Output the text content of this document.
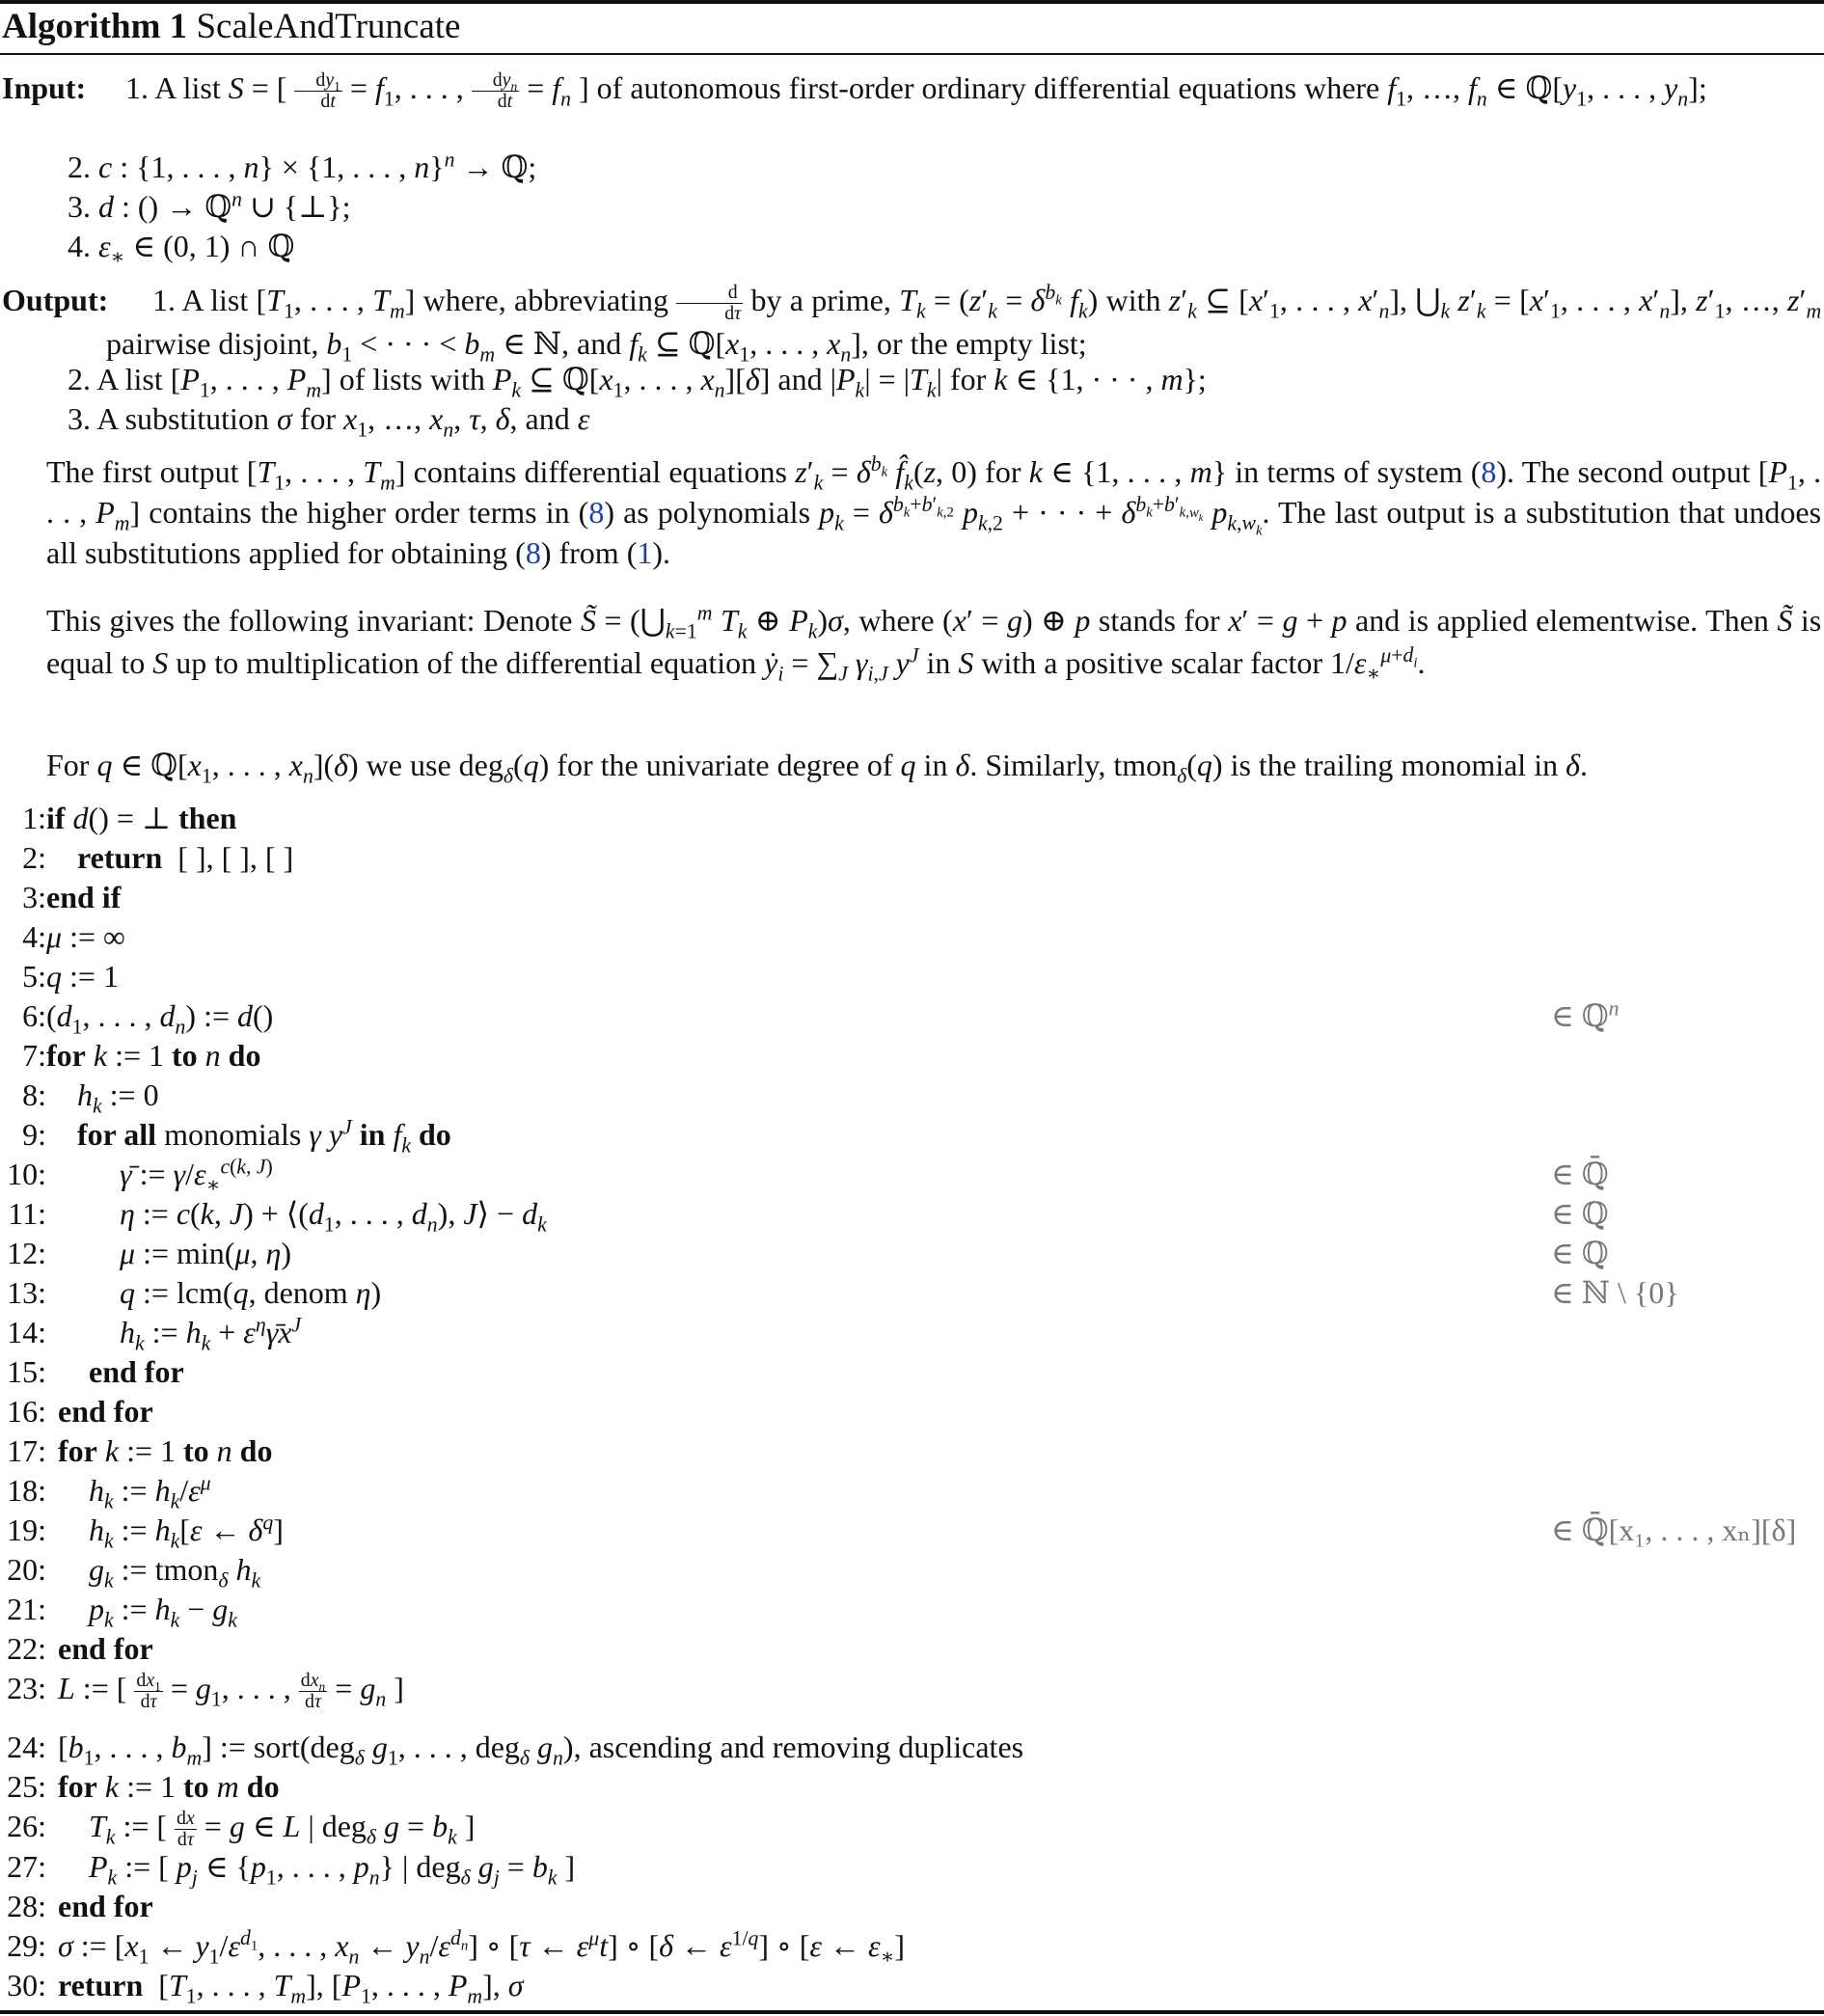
Algorithm 1 ScaleAndTruncate
Input:	1. A list S = [ $\frac{dy_1}{dt} = f_1$, . . . , $\frac{dy_n}{dt} = f_n$ ] of autonomous first-order ordinary differential equations where $f_1$, …, $f_n$ ∈ $ℚ[y_1$, . . . , $y_n$];
2. c : {1, . . . , n} × {1, . . . , n}$^n$ → ℚ;
3. d : () → ℚ$^n$ ∪ {⊥};
4. $\varepsilon_∗$ ∈ (0, 1) ∩ ℚ
Output:	1. A list [$T_1$, . . . , $T_m$] where, abbreviating $\frac{d}{d\tau}$ by a prime, $T_k = (z'_k = \delta^{b_k}$ $f_k$) with $z'_k$ ⊆ [$x'_1$, . . . , $x'_n$], $⋃_k$ $z'_k = [x'_1$, . . . , $x'_n$], $z'_1$, …, $z'_m$ pairwise disjoint, $b_1$ < · · · < $b_m$ ∈ ℕ, and $f_k$ ⊆ $ℚ[x_1$, . . . , $x_n$], or the empty list;
2. A list [$P_1$, . . . , $P_m$] of lists with $P_k$ ⊆ $ℚ[x_1$, . . . , $x_n][\delta]$ and $|P_k| = |T_k|$ for k ∈ {1, · · · , m};
3. A substitution σ for $x_1$, …, $x_n$, τ, δ, and ε
The first output [$T_1$, . . . , $T_m$] contains differential equations $z'_k = \delta^{b_k}$ $f̂_k(z$, 0) for k ∈ {1, . . . , m} in terms of system (8). The second output [$P_1$, . . . , $P_m$] contains the higher order terms in (8) as polynomials $p_k = \delta^{b_k+b'_{k,2}}$ $p_{k,2}$ + · · · + $\delta^{b_k+b'_{k,w_k}}$ $p_{k,w_k}$. The last output is a substitution that undoes all substitutions applied for obtaining (8) from (1).
This gives the following invariant: Denote S̃ = ($⋃_{k=1}^m$ $T_k$ ⊕ $P_k)\sigma$, where (x′ = g) ⊕ p stands for x′ = g + p and is applied elementwise. Then S̃ is equal to S up to multiplication of the differential equation ẏ$_i$ = $\sum_J$ $\gamma_{i,J}$ $y^J$ in S with a positive scalar factor $1/\varepsilon_∗^{\mu+d_i}$.
For q ∈ $ℚ[x_1$, . . . , $x_n](\delta)$ we use deg$_\delta$(q) for the univariate degree of q in δ. Similarly, tmon$_\delta$(q) is the trailing monomial in δ.
1: if d() = ⊥ then
2: return  [ ], [ ], [ ]
3: end if
4: μ := ∞
5: q := 1
6: ($d_1$, . . . , $d_n$) := d()	∈ ℚ$^n$
7: for k := 1 to n do
8: $h_k$ := 0
9: for all monomials γ $y^J$ in $f_k$ do
10: γ̄ := $\gamma/\varepsilon_∗^{c(k, J)}$	∈ ℚ̄
11: η := c(k, $J) + ⟨(d_1$, . . . , $d_n$), J⟩ − $d_k$	∈ ℚ
12: μ := min(μ, η)	∈ ℚ
13: q := lcm(q, denom η)	∈ ℕ \ {0}
14: $h_k$ := $h_k$ + $\varepsilon^\eta\gammāx^J$
15: end for
16: end for
17: for k := 1 to n do
18: $h_k$ := $h_k/\varepsilon^\mu$
19: $h_k$ := $h_k[\varepsilon$ ← $\delta^q$]	∈ ℚ̄[x₁, . . . , xₙ][δ]
20: $g_k$ := tmon$_\delta$ $h_k$
21: $p_k$ := $h_k - g_k$
22: end for
23: L := [ $\frac{dx_1}{d\tau} = g_1$, . . . , $\frac{dx_n}{d\tau} = g_n$ ]
24: [$b_1$, . . . , $b_m$] := sort(deg$_\delta$ $g_1$, . . . , deg$_\delta$ $g_n$), ascending and removing duplicates
25: for k := 1 to m do
26: $T_k$ := [ $\frac{dx}{d\tau} = g$ ∈ L | deg$_\delta$ $g = b_k$ ]
27: $P_k$ := [ $p_j$ ∈ {$p_1$, . . . , $p_n$} | deg$_\delta$ $g_j = b_k$ ]
28: end for
29: σ := [$x_1$ ← $y_1/\varepsilon^{d_1}$, . . . , $x_n$ ← $y_n/\varepsilon^{d_n}$] ∘ [τ ← $\varepsilon^\mu t$] ∘ [δ ← $\varepsilon^{1/q}$] ∘ [ε ← $\varepsilon_∗$]
30: return  [$T_1$, . . . , $T_m$], [$P_1$, . . . , $P_m$], σ
